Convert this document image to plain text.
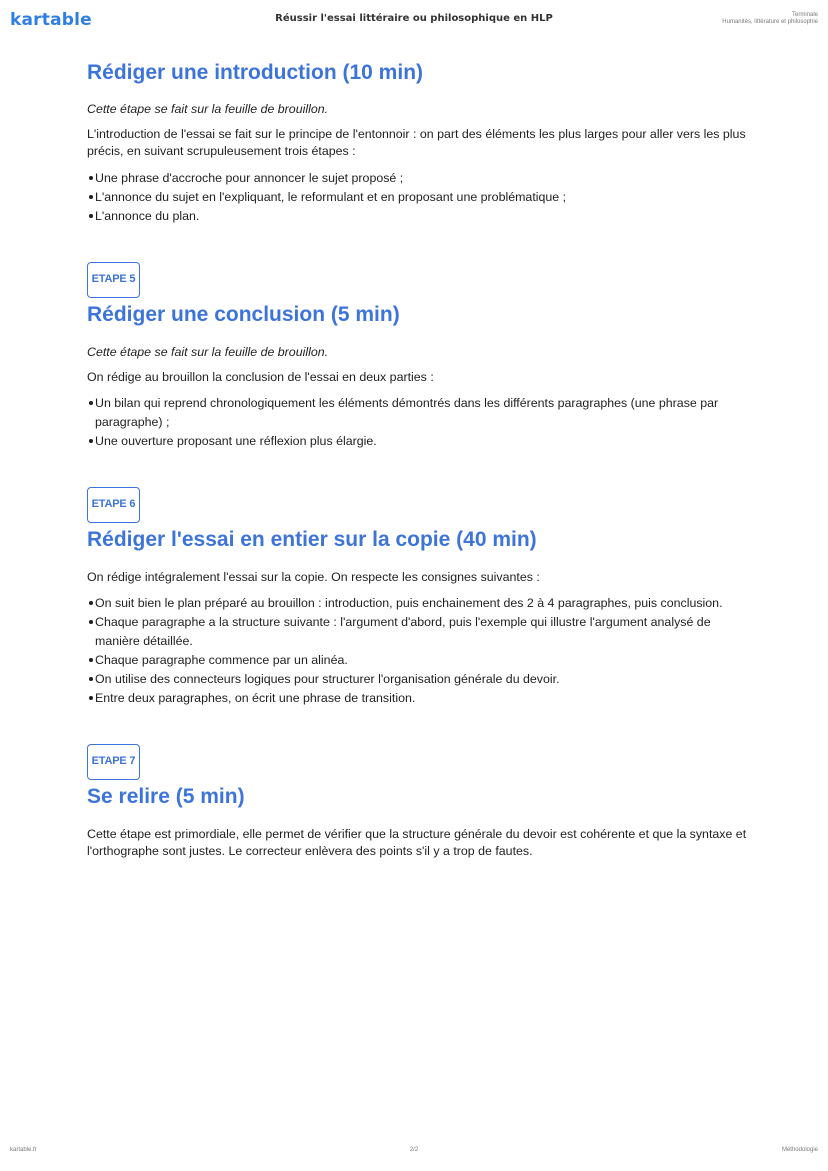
kartable	Réussir l'essai littéraire ou philosophique en HLP	Terminale
Humanités, littérature et philosophie
Rédiger une introduction (10 min)

Cette étape se fait sur la feuille de brouillon.

L'introduction de l'essai se fait sur le principe de l'entonnoir : on part des éléments les plus larges pour aller vers les plus précis, en suivant scrupuleusement trois étapes :

Une phrase d'accroche pour annoncer le sujet proposé ;
L'annonce du sujet en l'expliquant, le reformulant et en proposant une problématique ;
L'annonce du plan.
ETAPE 5
Rédiger une conclusion (5 min)

Cette étape se fait sur la feuille de brouillon.

On rédige au brouillon la conclusion de l'essai en deux parties :

Un bilan qui reprend chronologiquement les éléments démontrés dans les différents paragraphes (une phrase par paragraphe) ;
Une ouverture proposant une réflexion plus élargie.
ETAPE 6
Rédiger l'essai en entier sur la copie (40 min)

On rédige intégralement l'essai sur la copie. On respecte les consignes suivantes :

On suit bien le plan préparé au brouillon : introduction, puis enchainement des 2 à 4 paragraphes, puis conclusion.
Chaque paragraphe a la structure suivante : l'argument d'abord, puis l'exemple qui illustre l'argument analysé de manière détaillée.
Chaque paragraphe commence par un alinéa.
On utilise des connecteurs logiques pour structurer l'organisation générale du devoir.
Entre deux paragraphes, on écrit une phrase de transition.
ETAPE 7
Se relire (5 min)

Cette étape est primordiale, elle permet de vérifier que la structure générale du devoir est cohérente et que la syntaxe et l'orthographe sont justes. Le correcteur enlèvera des points s'il y a trop de fautes.

kartable.fr	2/2	Méthodologie
